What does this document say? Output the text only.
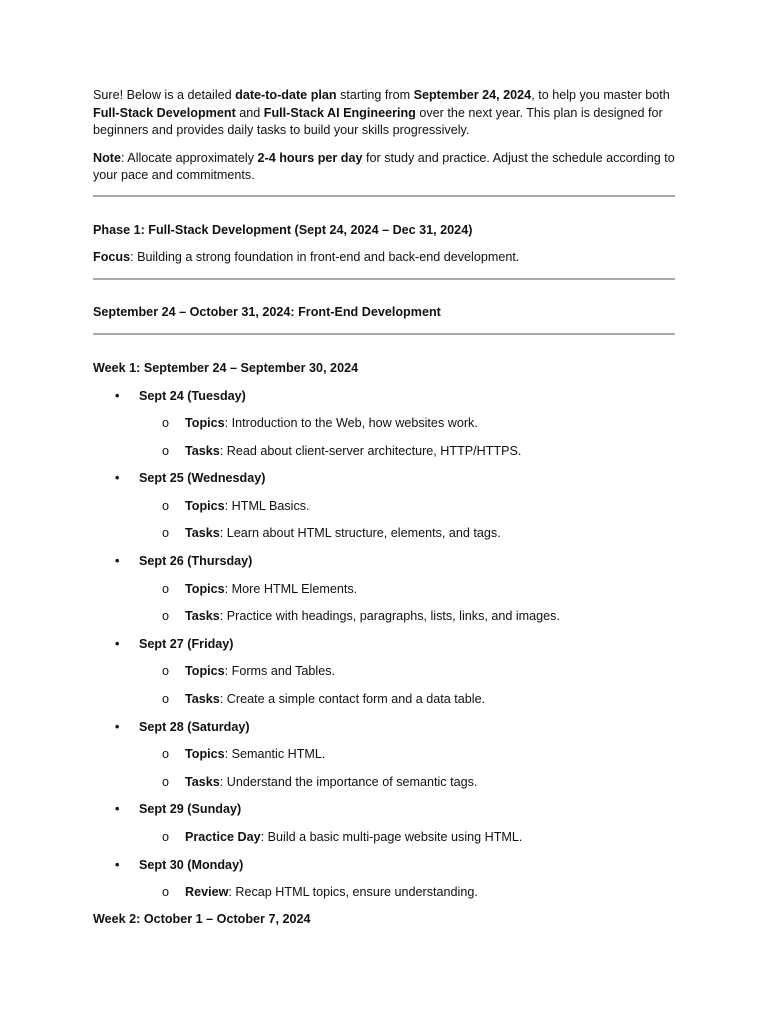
Sure! Below is a detailed date-to-date plan starting from September 24, 2024, to help you master both Full-Stack Development and Full-Stack AI Engineering over the next year. This plan is designed for beginners and provides daily tasks to build your skills progressively.

Note: Allocate approximately 2-4 hours per day for study and practice. Adjust the schedule according to your pace and commitments.

Phase 1: Full-Stack Development (Sept 24, 2024 – Dec 31, 2024)

Focus: Building a strong foundation in front-end and back-end development.

September 24 – October 31, 2024: Front-End Development

Week 1: September 24 – September 30, 2024

• Sept 24 (Tuesday)
o Topics: Introduction to the Web, how websites work.
o Tasks: Read about client-server architecture, HTTP/HTTPS.
• Sept 25 (Wednesday)
o Topics: HTML Basics.
o Tasks: Learn about HTML structure, elements, and tags.
• Sept 26 (Thursday)
o Topics: More HTML Elements.
o Tasks: Practice with headings, paragraphs, lists, links, and images.
• Sept 27 (Friday)
o Topics: Forms and Tables.
o Tasks: Create a simple contact form and a data table.
• Sept 28 (Saturday)
o Topics: Semantic HTML.
o Tasks: Understand the importance of semantic tags.
• Sept 29 (Sunday)
o Practice Day: Build a basic multi-page website using HTML.
• Sept 30 (Monday)
o Review: Recap HTML topics, ensure understanding.

Week 2: October 1 – October 7, 2024
